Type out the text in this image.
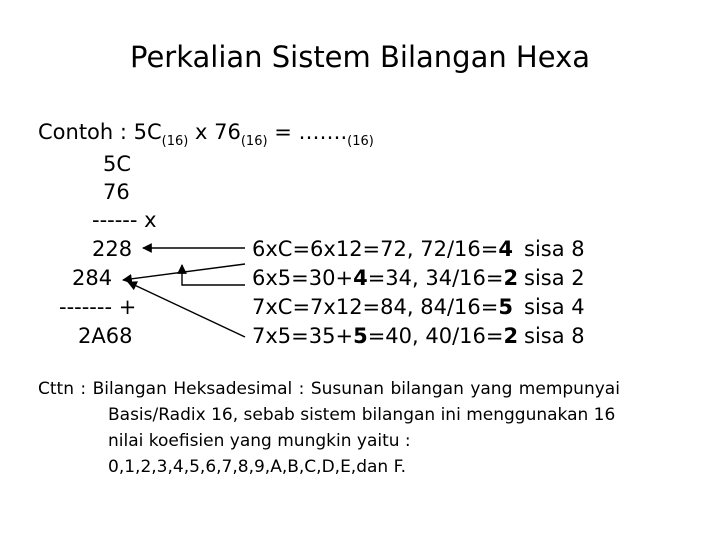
Perkalian Sistem Bilangan Hexa
Contoh : $5C_{(16)}$ x $76_{(16)}$ = $\dots\dots._{(16)}$
5C
76
------ x
228
284
------- +
2A68
6xC=6x12=72, 72/16=4
6x5=30+4=34, 34/16=2
7xC=7x12=84, 84/16=5
7x5=35+5=40, 40/16=2
sisa 8
sisa 2
sisa 4
sisa 8
Cttn : Bilangan Heksadesimal : Susunan bilangan yang mempunyai
Basis/Radix 16, sebab sistem bilangan ini menggunakan 16
nilai koefisien yang mungkin yaitu :
0,1,2,3,4,5,6,7,8,9,A,B,C,D,E,dan F.
